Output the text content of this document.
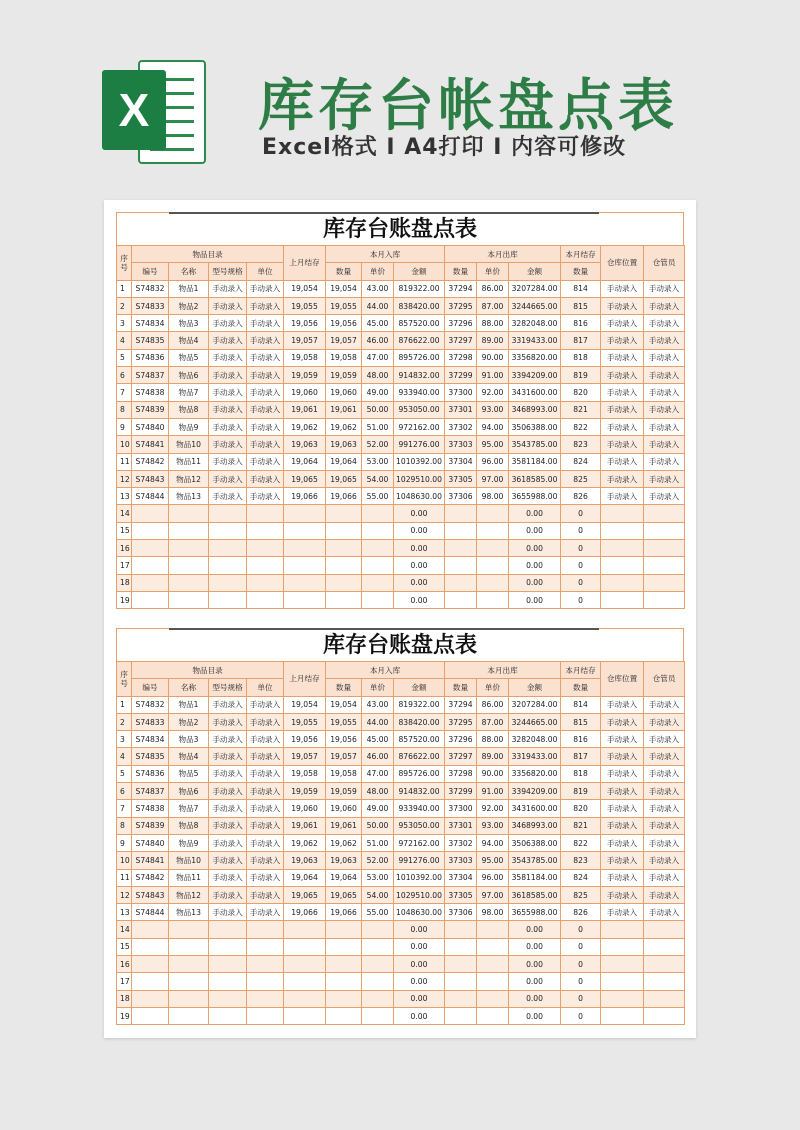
X 库存台帐盘点表
Excel格式 I A4打印 I 内容可修改
库存台账盘点表
序号	物品目录				上月结存	本月入库			本月出库			本月结存	仓库位置	仓管员
	编号	名称	型号规格	单位		数量	单价	金额	数量	单价	金额	数量		
1	S74832	物品1	手动录入	手动录入	19,054	19,054	43.00	819322.00	37294	86.00	3207284.00	814	手动录入	手动录入
2	S74833	物品2	手动录入	手动录入	19,055	19,055	44.00	838420.00	37295	87.00	3244665.00	815	手动录入	手动录入
3	S74834	物品3	手动录入	手动录入	19,056	19,056	45.00	857520.00	37296	88.00	3282048.00	816	手动录入	手动录入
4	S74835	物品4	手动录入	手动录入	19,057	19,057	46.00	876622.00	37297	89.00	3319433.00	817	手动录入	手动录入
5	S74836	物品5	手动录入	手动录入	19,058	19,058	47.00	895726.00	37298	90.00	3356820.00	818	手动录入	手动录入
6	S74837	物品6	手动录入	手动录入	19,059	19,059	48.00	914832.00	37299	91.00	3394209.00	819	手动录入	手动录入
7	S74838	物品7	手动录入	手动录入	19,060	19,060	49.00	933940.00	37300	92.00	3431600.00	820	手动录入	手动录入
8	S74839	物品8	手动录入	手动录入	19,061	19,061	50.00	953050.00	37301	93.00	3468993.00	821	手动录入	手动录入
9	S74840	物品9	手动录入	手动录入	19,062	19,062	51.00	972162.00	37302	94.00	3506388.00	822	手动录入	手动录入
10	S74841	物品10	手动录入	手动录入	19,063	19,063	52.00	991276.00	37303	95.00	3543785.00	823	手动录入	手动录入
11	S74842	物品11	手动录入	手动录入	19,064	19,064	53.00	1010392.00	37304	96.00	3581184.00	824	手动录入	手动录入
12	S74843	物品12	手动录入	手动录入	19,065	19,065	54.00	1029510.00	37305	97.00	3618585.00	825	手动录入	手动录入
13	S74844	物品13	手动录入	手动录入	19,066	19,066	55.00	1048630.00	37306	98.00	3655988.00	826	手动录入	手动录入
14								0.00			0.00	0		
15								0.00			0.00	0		
16								0.00			0.00	0		
17								0.00			0.00	0		
18								0.00			0.00	0		
19								0.00			0.00	0		
库存台账盘点表
序号	物品目录				上月结存	本月入库			本月出库			本月结存	仓库位置	仓管员
	编号	名称	型号规格	单位		数量	单价	金额	数量	单价	金额	数量		
1	S74832	物品1	手动录入	手动录入	19,054	19,054	43.00	819322.00	37294	86.00	3207284.00	814	手动录入	手动录入
2	S74833	物品2	手动录入	手动录入	19,055	19,055	44.00	838420.00	37295	87.00	3244665.00	815	手动录入	手动录入
3	S74834	物品3	手动录入	手动录入	19,056	19,056	45.00	857520.00	37296	88.00	3282048.00	816	手动录入	手动录入
4	S74835	物品4	手动录入	手动录入	19,057	19,057	46.00	876622.00	37297	89.00	3319433.00	817	手动录入	手动录入
5	S74836	物品5	手动录入	手动录入	19,058	19,058	47.00	895726.00	37298	90.00	3356820.00	818	手动录入	手动录入
6	S74837	物品6	手动录入	手动录入	19,059	19,059	48.00	914832.00	37299	91.00	3394209.00	819	手动录入	手动录入
7	S74838	物品7	手动录入	手动录入	19,060	19,060	49.00	933940.00	37300	92.00	3431600.00	820	手动录入	手动录入
8	S74839	物品8	手动录入	手动录入	19,061	19,061	50.00	953050.00	37301	93.00	3468993.00	821	手动录入	手动录入
9	S74840	物品9	手动录入	手动录入	19,062	19,062	51.00	972162.00	37302	94.00	3506388.00	822	手动录入	手动录入
10	S74841	物品10	手动录入	手动录入	19,063	19,063	52.00	991276.00	37303	95.00	3543785.00	823	手动录入	手动录入
11	S74842	物品11	手动录入	手动录入	19,064	19,064	53.00	1010392.00	37304	96.00	3581184.00	824	手动录入	手动录入
12	S74843	物品12	手动录入	手动录入	19,065	19,065	54.00	1029510.00	37305	97.00	3618585.00	825	手动录入	手动录入
13	S74844	物品13	手动录入	手动录入	19,066	19,066	55.00	1048630.00	37306	98.00	3655988.00	826	手动录入	手动录入
14								0.00			0.00	0		
15								0.00			0.00	0		
16								0.00			0.00	0		
17								0.00			0.00	0		
18								0.00			0.00	0		
19								0.00			0.00	0		
